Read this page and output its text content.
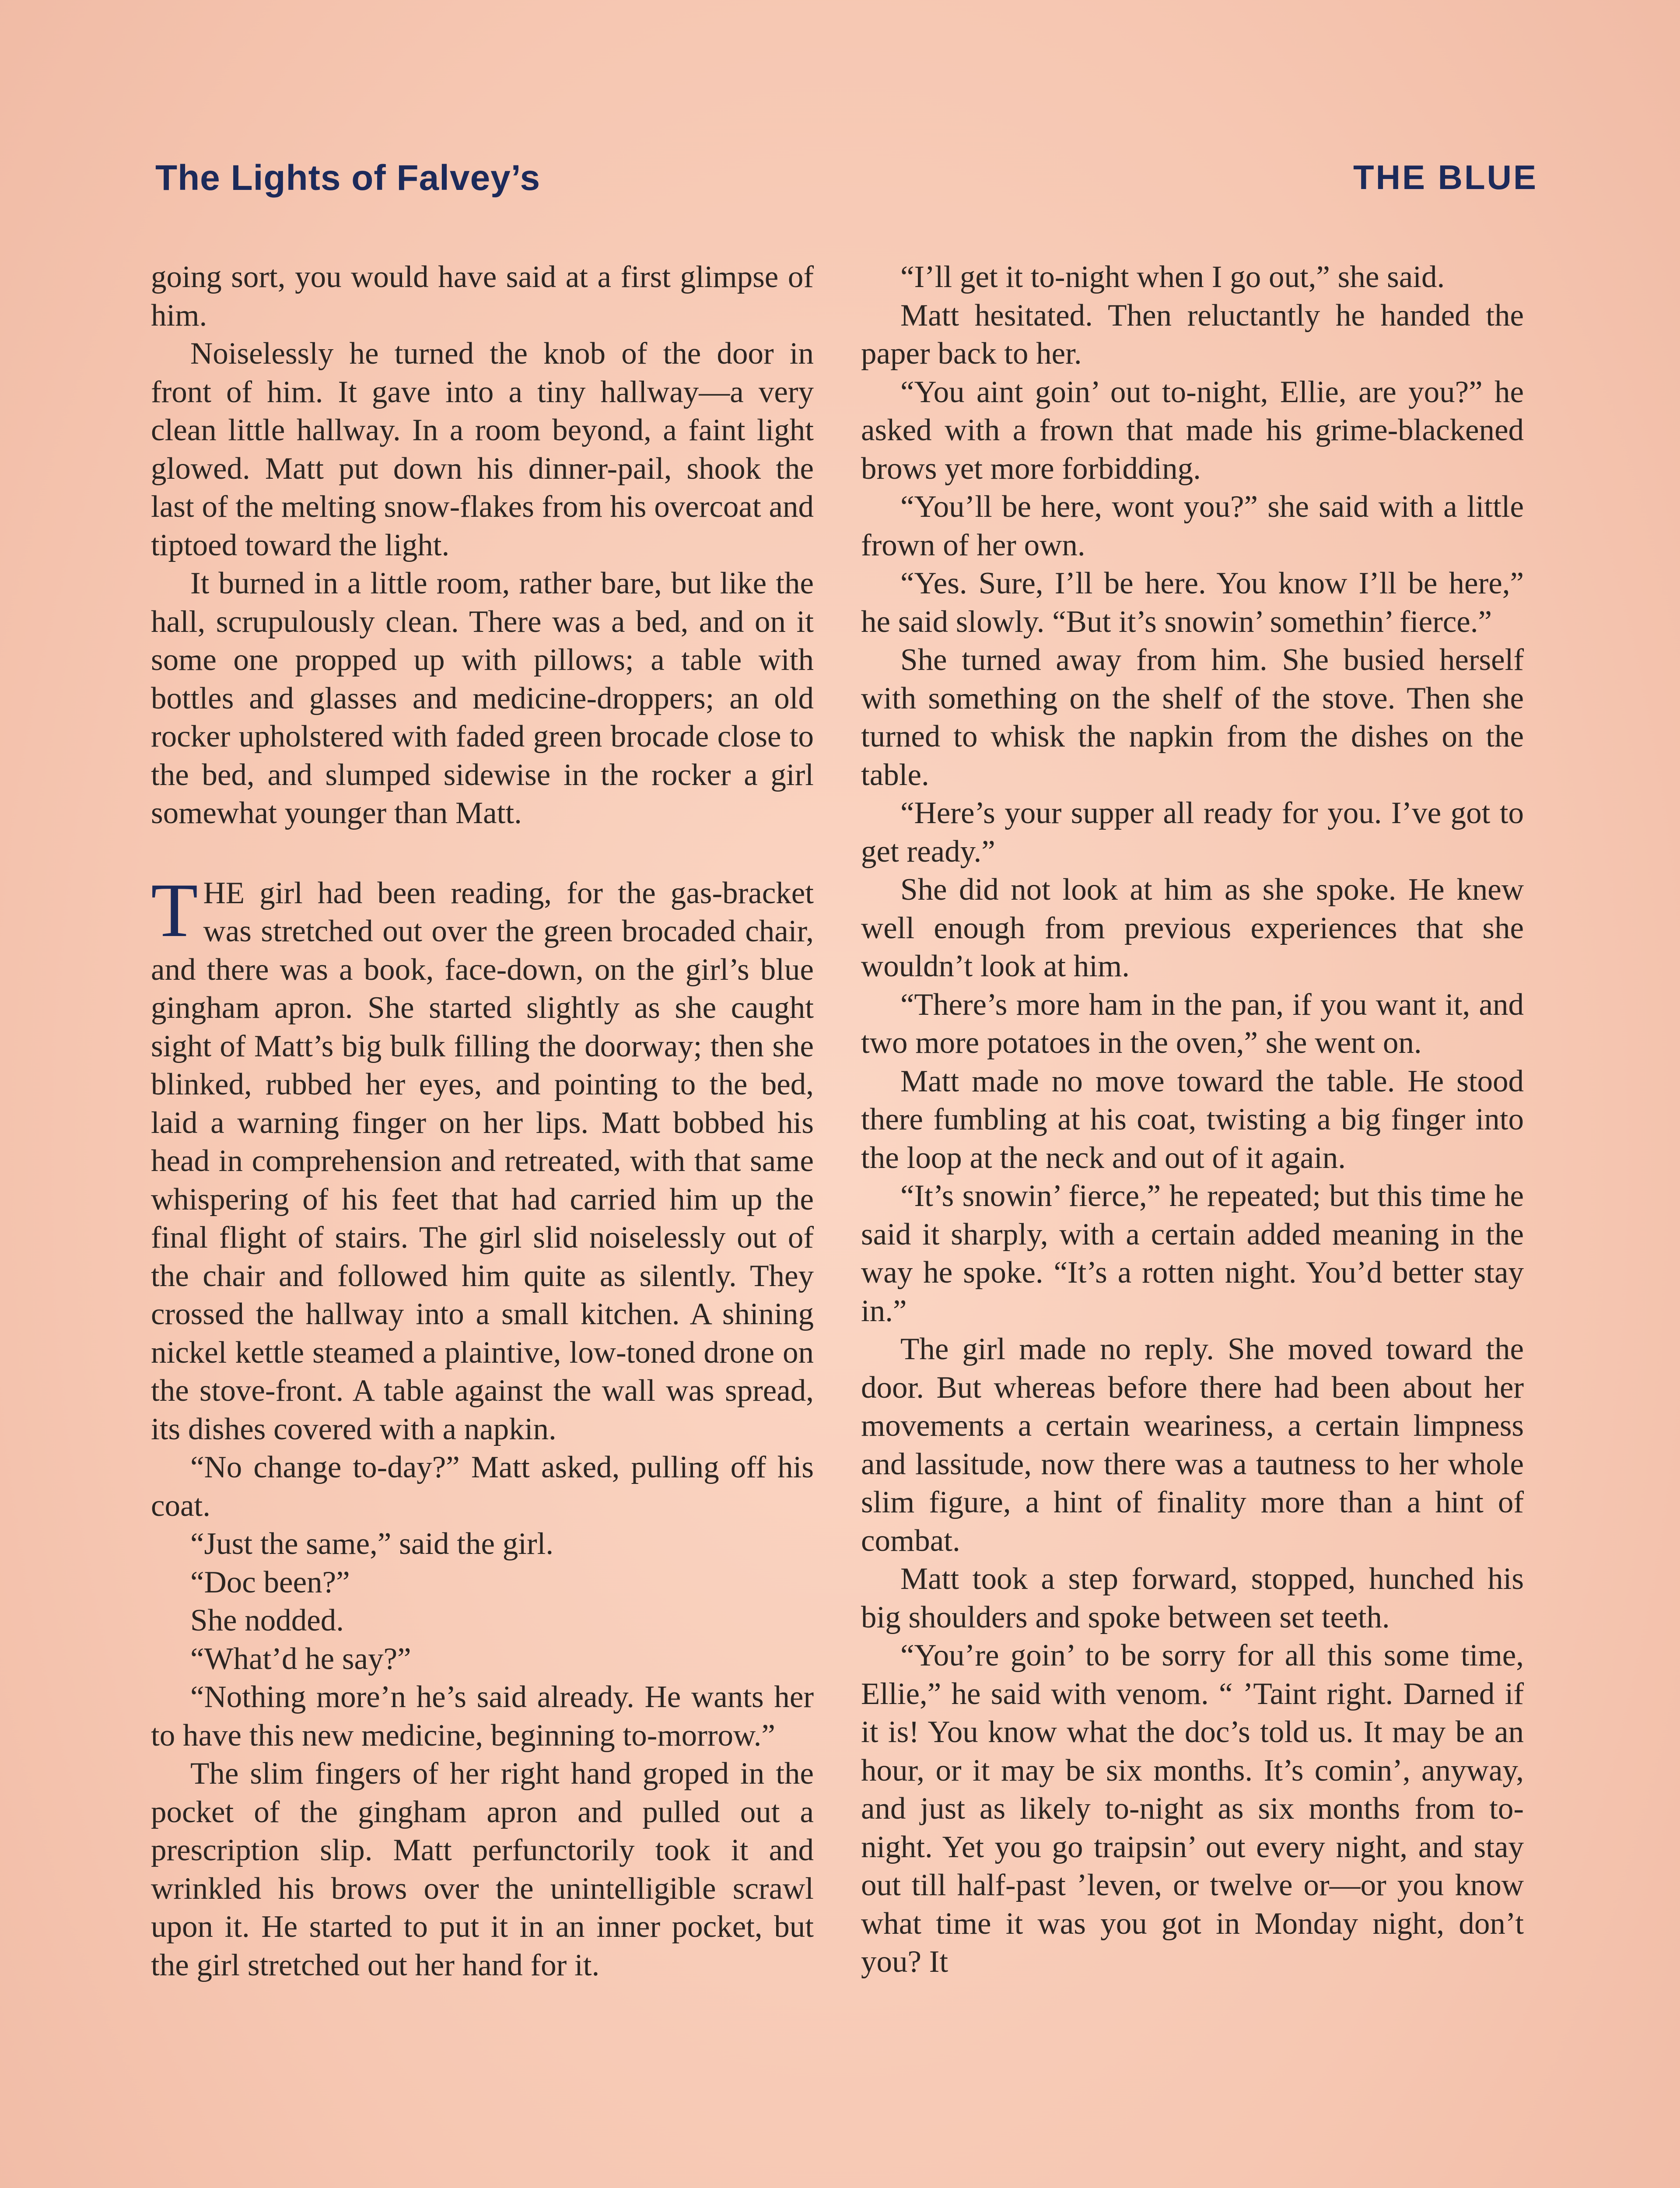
The Lights of Falvey’s	THE BLUE

going sort, you would have said at a first glimpse of him.

Noiselessly he turned the knob of the door in front of him. It gave into a tiny hallway—a very clean little hallway. In a room beyond, a faint light glowed. Matt put down his dinner-pail, shook the last of the melting snow-flakes from his overcoat and tiptoed toward the light.

It burned in a little room, rather bare, but like the hall, scrupulously clean. There was a bed, and on it some one propped up with pillows; a table with bottles and glasses and medicine-droppers; an old rocker upholstered with faded green brocade close to the bed, and slumped sidewise in the rocker a girl somewhat younger than Matt.

THE girl had been reading, for the gas-bracket was stretched out over the green brocaded chair, and there was a book, face-down, on the girl’s blue gingham apron. She started slightly as she caught sight of Matt’s big bulk filling the doorway; then she blinked, rubbed her eyes, and pointing to the bed, laid a warning finger on her lips. Matt bobbed his head in comprehension and retreated, with that same whispering of his feet that had carried him up the final flight of stairs. The girl slid noiselessly out of the chair and followed him quite as silently. They crossed the hallway into a small kitchen. A shining nickel kettle steamed a plaintive, low-toned drone on the stove-front. A table against the wall was spread, its dishes covered with a napkin.

“No change to-day?” Matt asked, pulling off his coat.

“Just the same,” said the girl.

“Doc been?”

She nodded.

“What’d he say?”

“Nothing more’n he’s said already. He wants her to have this new medicine, beginning to-morrow.”

The slim fingers of her right hand groped in the pocket of the gingham apron and pulled out a prescription slip. Matt perfunctorily took it and wrinkled his brows over the unintelligible scrawl upon it. He started to put it in an inner pocket, but the girl stretched out her hand for it.

“I’ll get it to-night when I go out,” she said.

Matt hesitated. Then reluctantly he handed the paper back to her.

“You aint goin’ out to-night, Ellie, are you?” he asked with a frown that made his grime-blackened brows yet more forbidding.

“You’ll be here, wont you?” she said with a little frown of her own.

“Yes. Sure, I’ll be here. You know I’ll be here,” he said slowly. “But it’s snowin’ somethin’ fierce.”

She turned away from him. She busied herself with something on the shelf of the stove. Then she turned to whisk the napkin from the dishes on the table.

“Here’s your supper all ready for you. I’ve got to get ready.”

She did not look at him as she spoke. He knew well enough from previous experiences that she wouldn’t look at him.

“There’s more ham in the pan, if you want it, and two more potatoes in the oven,” she went on.

Matt made no move toward the table. He stood there fumbling at his coat, twisting a big finger into the loop at the neck and out of it again.

“It’s snowin’ fierce,” he repeated; but this time he said it sharply, with a certain added meaning in the way he spoke. “It’s a rotten night. You’d better stay in.”

The girl made no reply. She moved toward the door. But whereas before there had been about her movements a certain weariness, a certain limpness and lassitude, now there was a tautness to her whole slim figure, a hint of finality more than a hint of combat.

Matt took a step forward, stopped, hunched his big shoulders and spoke between set teeth.

“You’re goin’ to be sorry for all this some time, Ellie,” he said with venom. “ ’Taint right. Darned if it is! You know what the doc’s told us. It may be an hour, or it may be six months. It’s comin’, anyway, and just as likely to-night as six months from to-night. Yet you go traipsin’ out every night, and stay out till half-past ’leven, or twelve or—or you know what time it was you got in Monday night, don’t you? It
